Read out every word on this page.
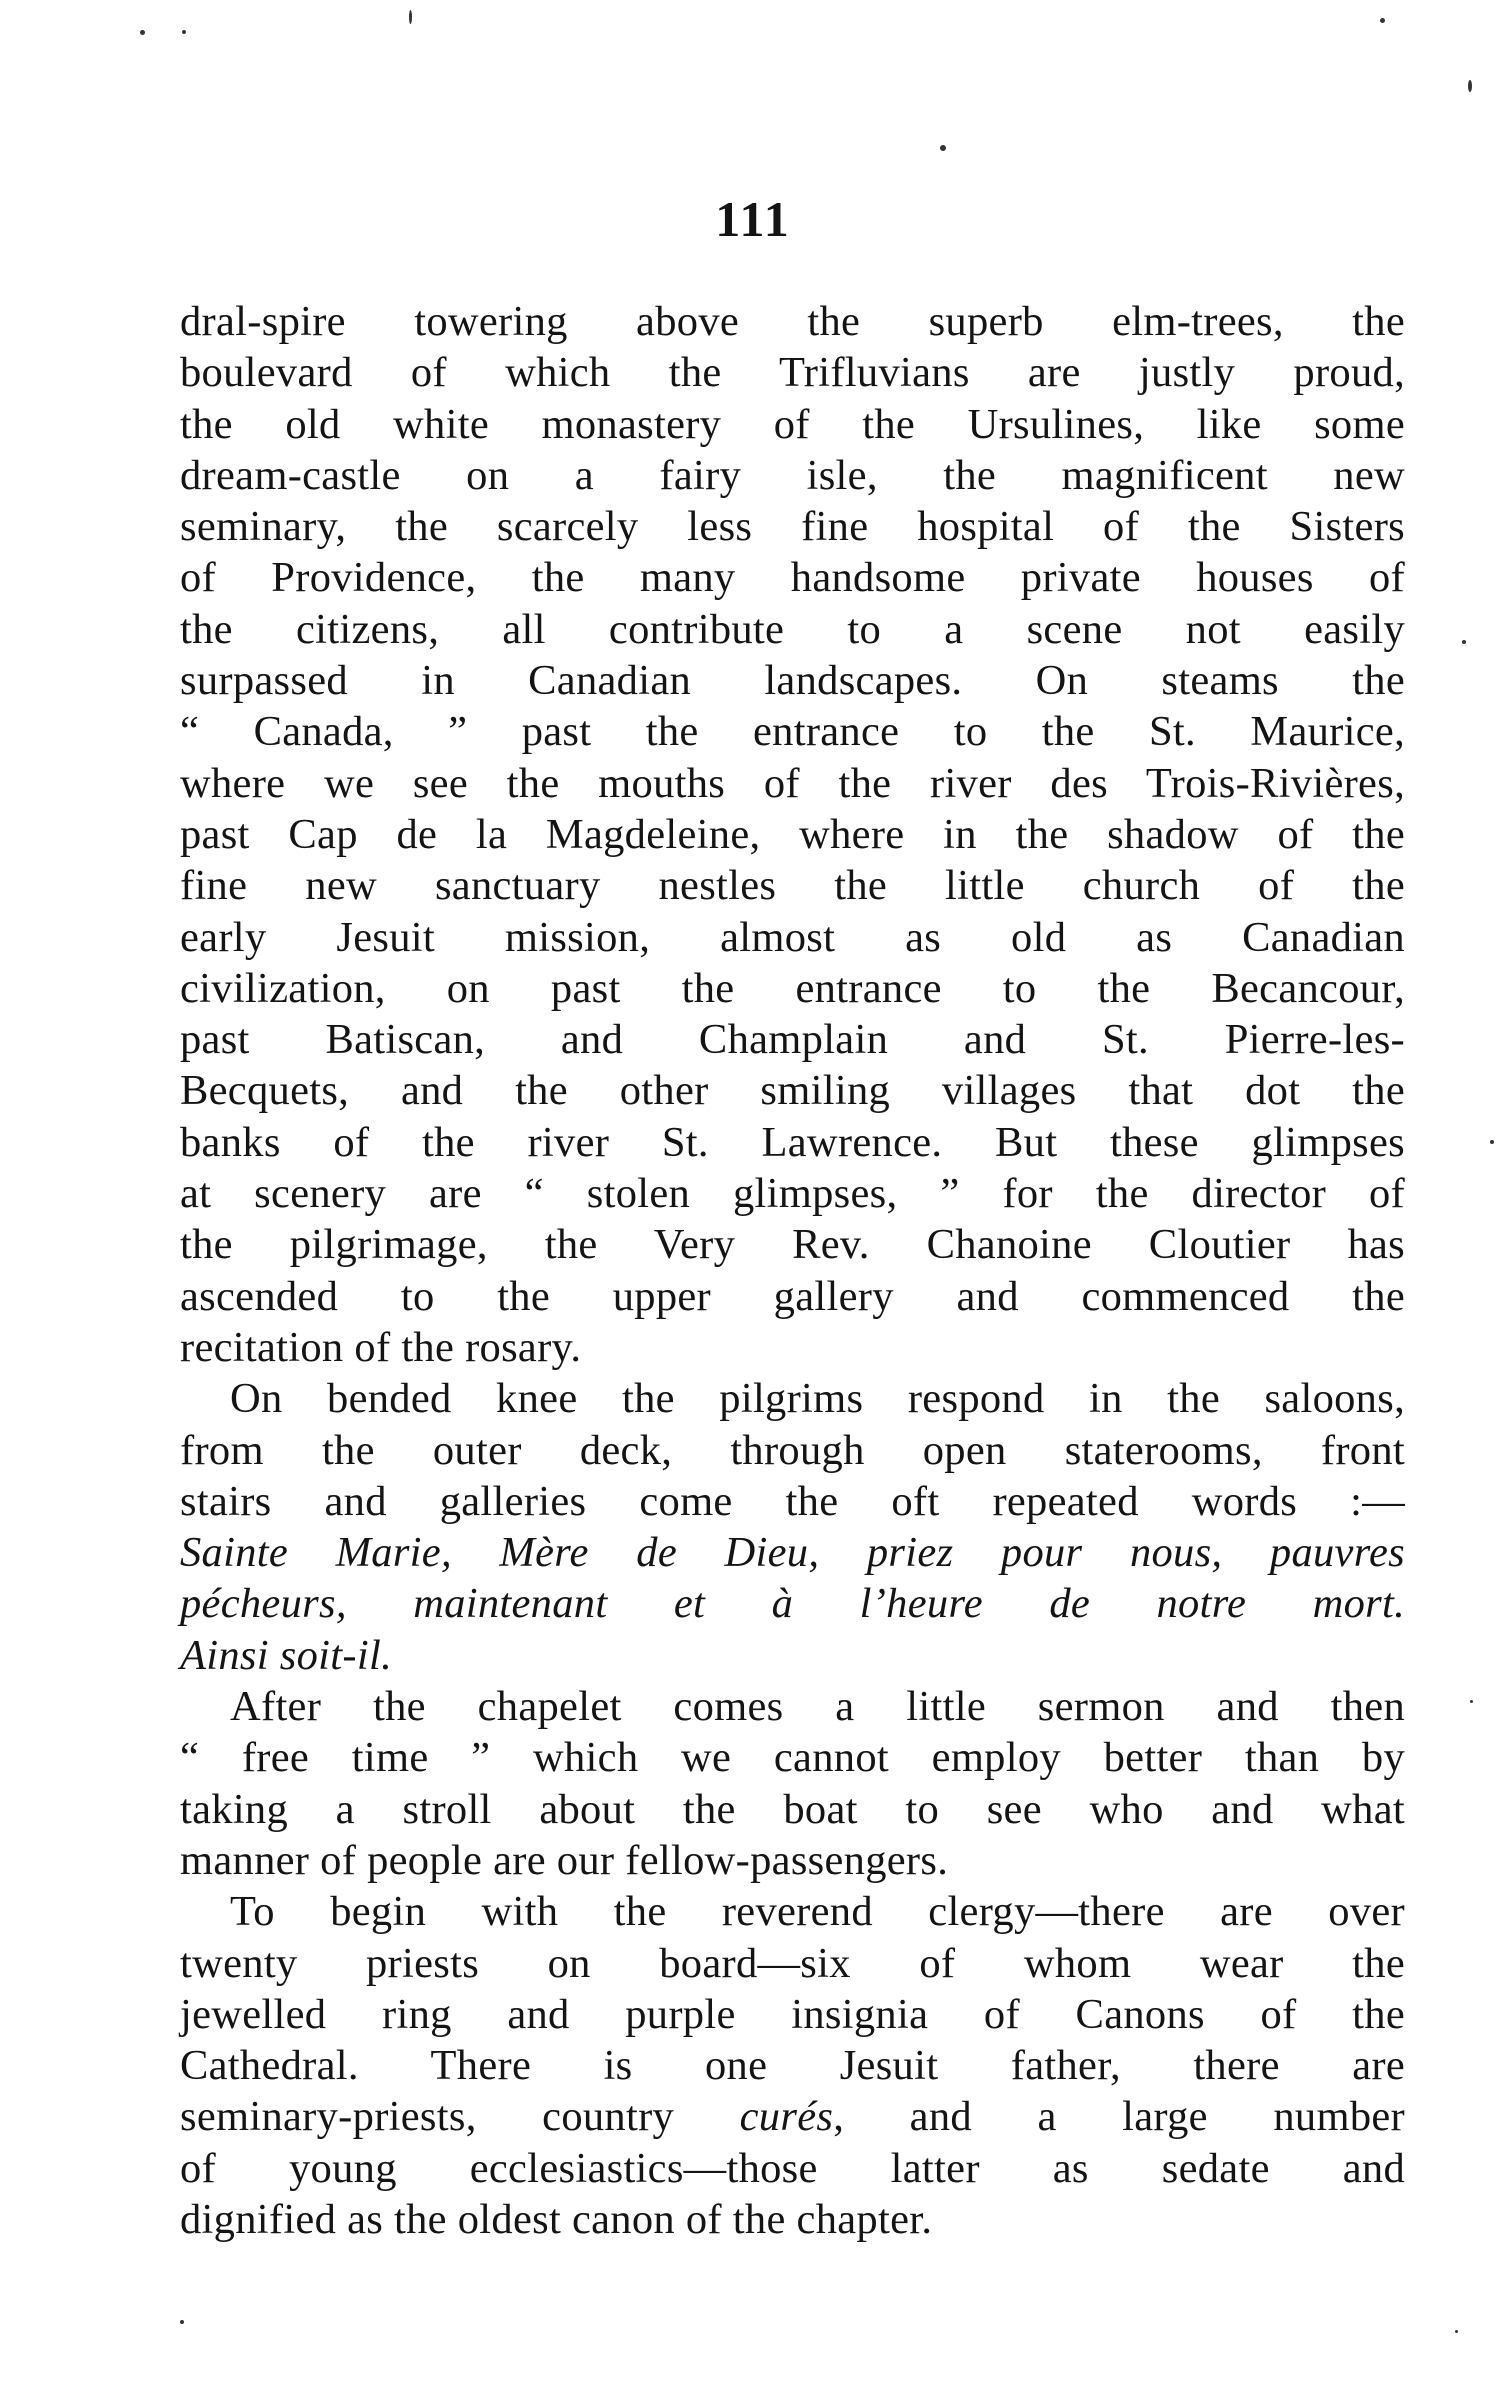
111
dral-spire towering above the superb elm-trees, the
boulevard of which the Trifluvians are justly proud,
the old white monastery of the Ursulines, like some
dream-castle on a fairy isle, the magnificent new
seminary, the scarcely less fine hospital of the Sisters
of Providence, the many handsome private houses of
the citizens, all contribute to a scene not easily
surpassed in Canadian landscapes. On steams the
“ Canada, ” past the entrance to the St. Maurice,
where we see the mouths of the river des Trois-Rivières,
past Cap de la Magdeleine, where in the shadow of the
fine new sanctuary nestles the little church of the
early Jesuit mission, almost as old as Canadian
civilization, on past the entrance to the Becancour,
past Batiscan, and Champlain and St. Pierre-les-
Becquets, and the other smiling villages that dot the
banks of the river St. Lawrence. But these glimpses
at scenery are “ stolen glimpses, ” for the director of
the pilgrimage, the Very Rev. Chanoine Cloutier has
ascended to the upper gallery and commenced the
recitation of the rosary.
On bended knee the pilgrims respond in the saloons,
from the outer deck, through open staterooms, front
stairs and galleries come the oft repeated words :—
Sainte Marie, Mère de Dieu, priez pour nous, pauvres
pécheurs, maintenant et à l’heure de notre mort.
Ainsi soit-il.
After the chapelet comes a little sermon and then
“ free time ” which we cannot employ better than by
taking a stroll about the boat to see who and what
manner of people are our fellow-passengers.
To begin with the reverend clergy—there are over
twenty priests on board—six of whom wear the
jewelled ring and purple insignia of Canons of the
Cathedral. There is one Jesuit father, there are
seminary-priests, country curés, and a large number
of young ecclesiastics—those latter as sedate and
dignified as the oldest canon of the chapter.
